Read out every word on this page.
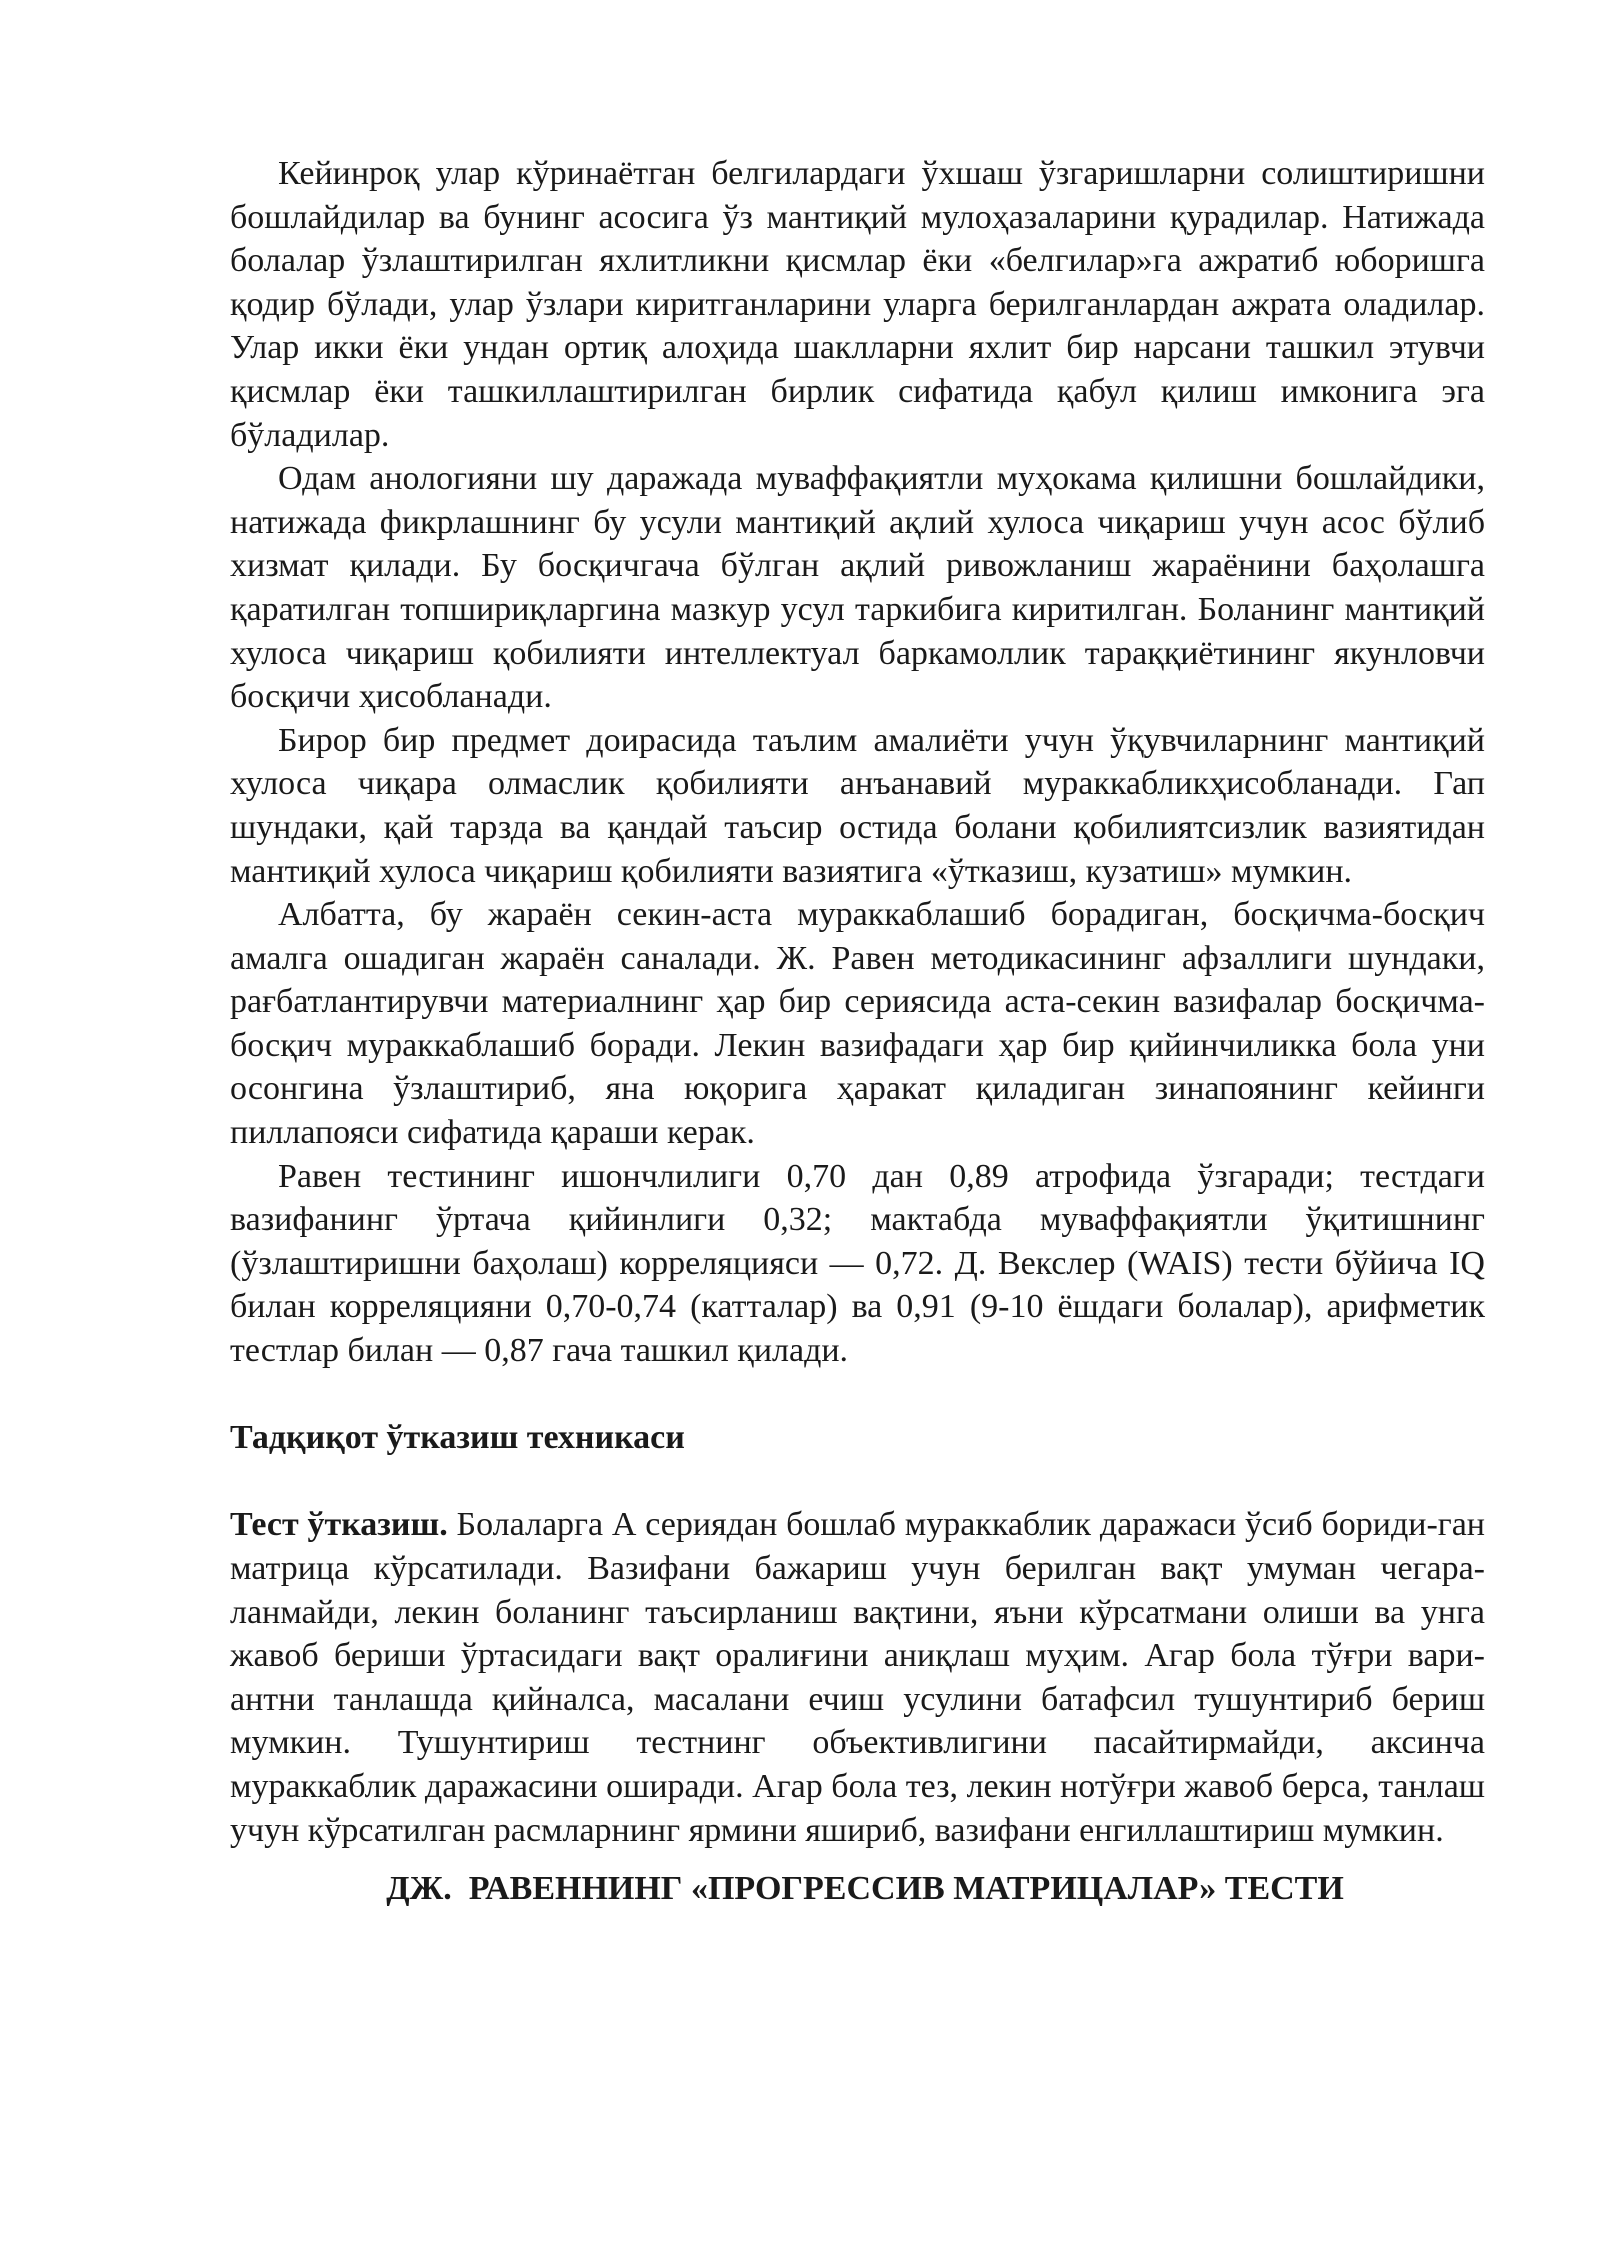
Кейинроқ улар кўринаётган белгилардаги ўхшаш ўзгаришларни солиштиришни бошлайдилар ва бунинг асосига ўз мантиқий мулоҳазаларини қурадилар. Натижада болалар ўзлаштирилган яхлитликни қисмлар ёки «белгилар»га ажратиб юборишга қодир бўлади, улар ўзлари киритганларини уларга берилганлардан ажрата оладилар. Улар икки ёки ундан ортиқ алоҳида шаклларни яхлит бир нарсани ташкил этувчи қисмлар ёки ташкиллаштирилган бирлик сифатида қабул қилиш имконига эга бўладилар.

Одам анологияни шу даражада муваффақиятли муҳокама қилишни бошлайдики, натижада фикрлашнинг бу усули мантиқий ақлий хулоса чиқариш учун асос бўлиб хизмат қилади. Бу босқичгача бўлган ақлий ривожланиш жараёнини баҳолашга қаратилган топшириқларгина мазкур усул таркибига киритилган. Боланинг мантиқий хулоса чиқариш қобилияти интеллектуал баркамоллик тараққиётининг якунловчи босқичи ҳисобланади.

Бирор бир предмет доирасида таълим амалиёти учун ўқувчиларнинг мантиқий хулоса чиқара олмаслик қобилияти анъанавий мураккабликҳисобланади. Гап шундаки, қай тарзда ва қандай таъсир остида болани қобилиятсизлик вазиятидан мантиқий хулоса чиқариш қобилияти вазиятига «ўтказиш, кузатиш» мумкин.

Албатта, бу жараён секин-аста мураккаблашиб борадиган, босқичма-босқич амалга ошадиган жараён саналади. Ж. Равен методикасининг афзаллиги шундаки, рағбатлантирувчи материалнинг ҳар бир сериясида аста-секин вазифалар босқичма-босқич мураккаблашиб боради. Лекин вазифадаги ҳар бир қийинчиликка бола уни осонгина ўзлаштириб, яна юқорига ҳаракат қиладиган зинапоянинг кейинги пиллапояси сифатида қараши керак.

Равен тестининг ишончлилиги 0,70 дан 0,89 атрофида ўзгаради; тестдаги вазифанинг ўртача қийинлиги 0,32; мактабда муваффақиятли ўқитишнинг (ўзлаштиришни баҳолаш) корреляцияси — 0,72. Д. Векслер (WAIS) тести бўйича IQ билан корреляцияни 0,70-0,74 (катталар) ва 0,91 (9-10 ёшдаги болалар), арифметик тестлар билан — 0,87 гача ташкил қилади.

Тадқиқот ўтказиш техникаси

Тест ўтказиш. Болаларга А сериядан бошлаб мураккаблик даражаси ўсиб бориди-ган матрица кўрсатилади. Вазифани бажариш учун берилган вақт умуман чегара-ланмайди, лекин боланинг таъсирланиш вақтини, яъни кўрсатмани олиши ва унга жавоб бериши ўртасидаги вақт оралиғини аниқлаш муҳим. Агар бола тўғри вари-антни танлашда қийналса, масалани ечиш усулини батафсил тушунтириб бериш мумкин. Тушунтириш тестнинг объективлигини пасайтирмайди, аксинча мураккаблик даражасини оширади. Агар бола тез, лекин нотўғри жавоб берса, танлаш учун кўрсатилган расмларнинг ярмини яшириб, вазифани енгиллаштириш мумкин.

ДЖ.  РАВЕННИНГ «ПРОГРЕССИВ МАТРИЦАЛАР» ТЕСТИ
